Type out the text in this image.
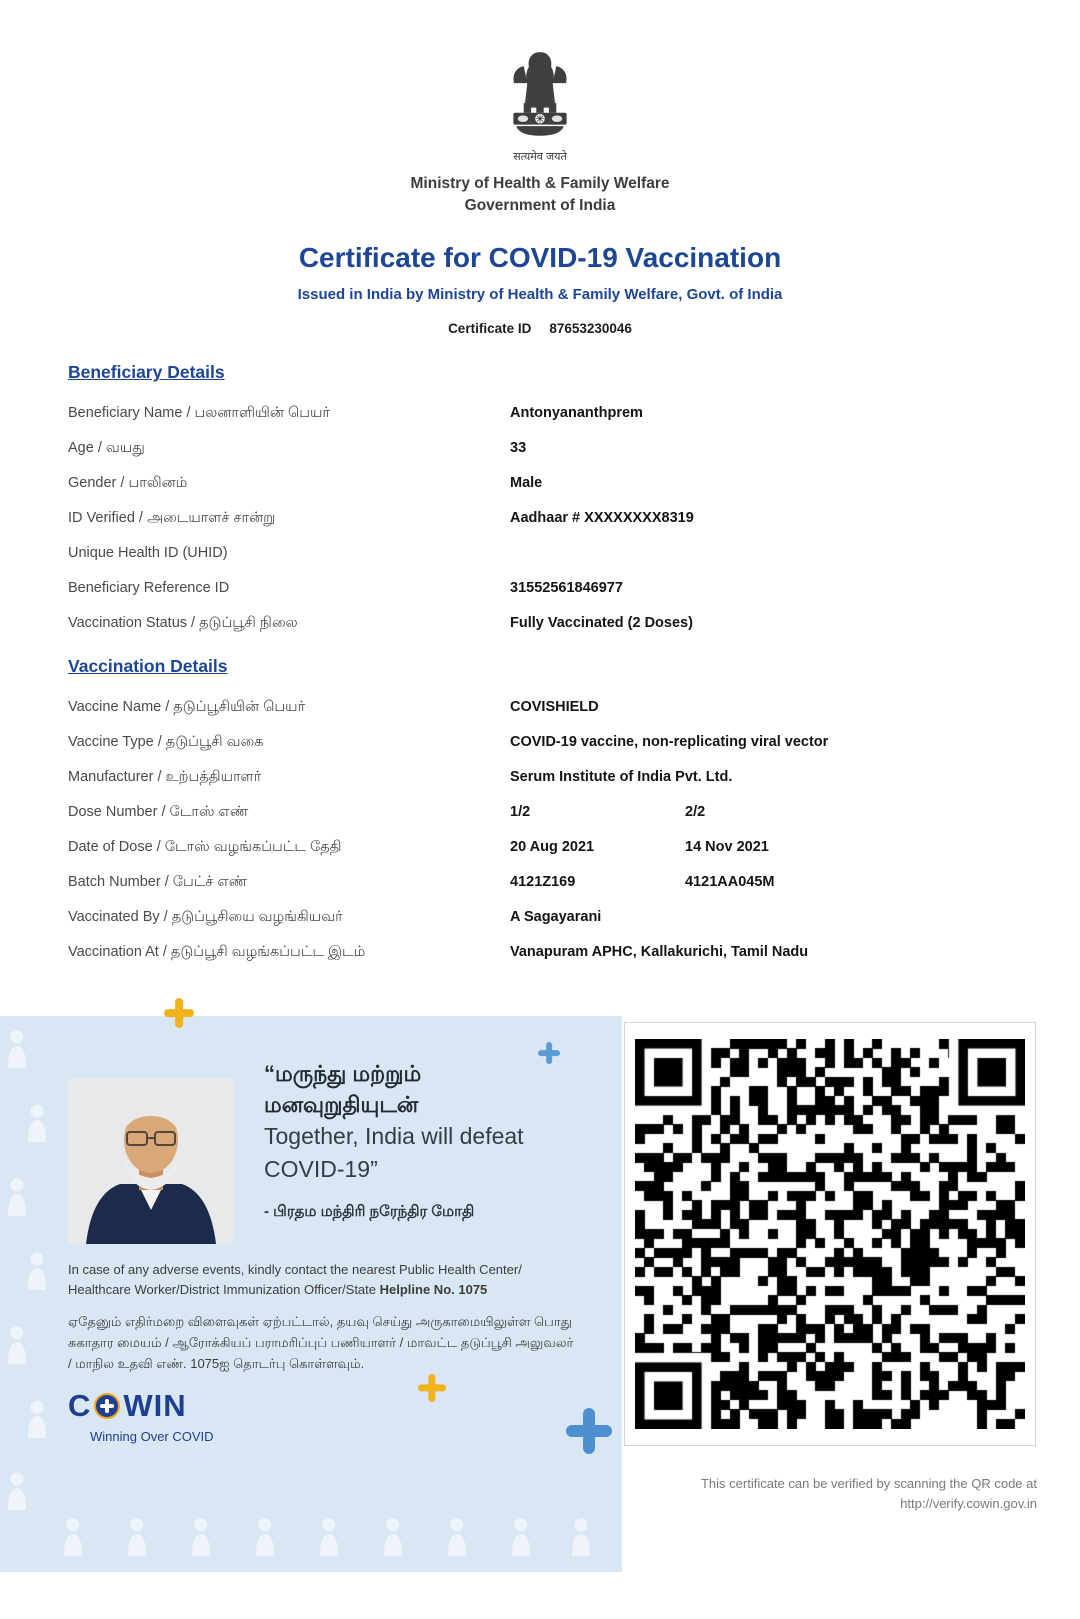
सत्यमेव जयते
Ministry of Health & Family Welfare
Government of India
Certificate for COVID-19 Vaccination
Issued in India by Ministry of Health & Family Welfare, Govt. of India
Certificate ID 87653230046
Beneficiary Details
Beneficiary Name / பலனாளியின் பெயர்	Antonyananthprem
Age / வயது	33
Gender / பாலினம்	Male
ID Verified / அடையாளச் சான்று	Aadhaar # XXXXXXXX8319
Unique Health ID (UHID)
Beneficiary Reference ID	31552561846977
Vaccination Status / தடுப்பூசி நிலை	Fully Vaccinated (2 Doses)
Vaccination Details
Vaccine Name / தடுப்பூசியின் பெயர்	COVISHIELD
Vaccine Type / தடுப்பூசி வகை	COVID-19 vaccine, non-replicating viral vector
Manufacturer / உற்பத்தியாளர்	Serum Institute of India Pvt. Ltd.
Dose Number / டோஸ் எண்	1/2	2/2
Date of Dose / டோஸ் வழங்கப்பட்ட தேதி	20 Aug 2021	14 Nov 2021
Batch Number / பேட்ச் எண்	4121Z169	4121AA045M
Vaccinated By / தடுப்பூசியை வழங்கியவர்	A Sagayarani
Vaccination At / தடுப்பூசி வழங்கப்பட்ட இடம்	Vanapuram APHC, Kallakurichi, Tamil Nadu
“மருந்து மற்றும்
மனவுறுதியுடன்
Together, India will defeat
COVID-19”
- பிரதம மந்திரி நரேந்திர மோதி
In case of any adverse events, kindly contact the nearest Public Health Center/ Healthcare Worker/District Immunization Officer/State Helpline No. 1075
ஏதேனும் எதிர்மறை விளைவுகள் ஏற்பட்டால், தயவு செய்து அருகாமையிலுள்ள பொது சுகாதார மையம் / ஆரோக்கியப் பராமரிப்புப் பணியாளர் / மாவட்ட தடுப்பூசி அலுவலர் / மாநில உதவி எண். 1075ஐ தொடர்பு கொள்ளவும்.
C WIN
Winning Over COVID
This certificate can be verified by scanning the QR code at
http://verify.cowin.gov.in
